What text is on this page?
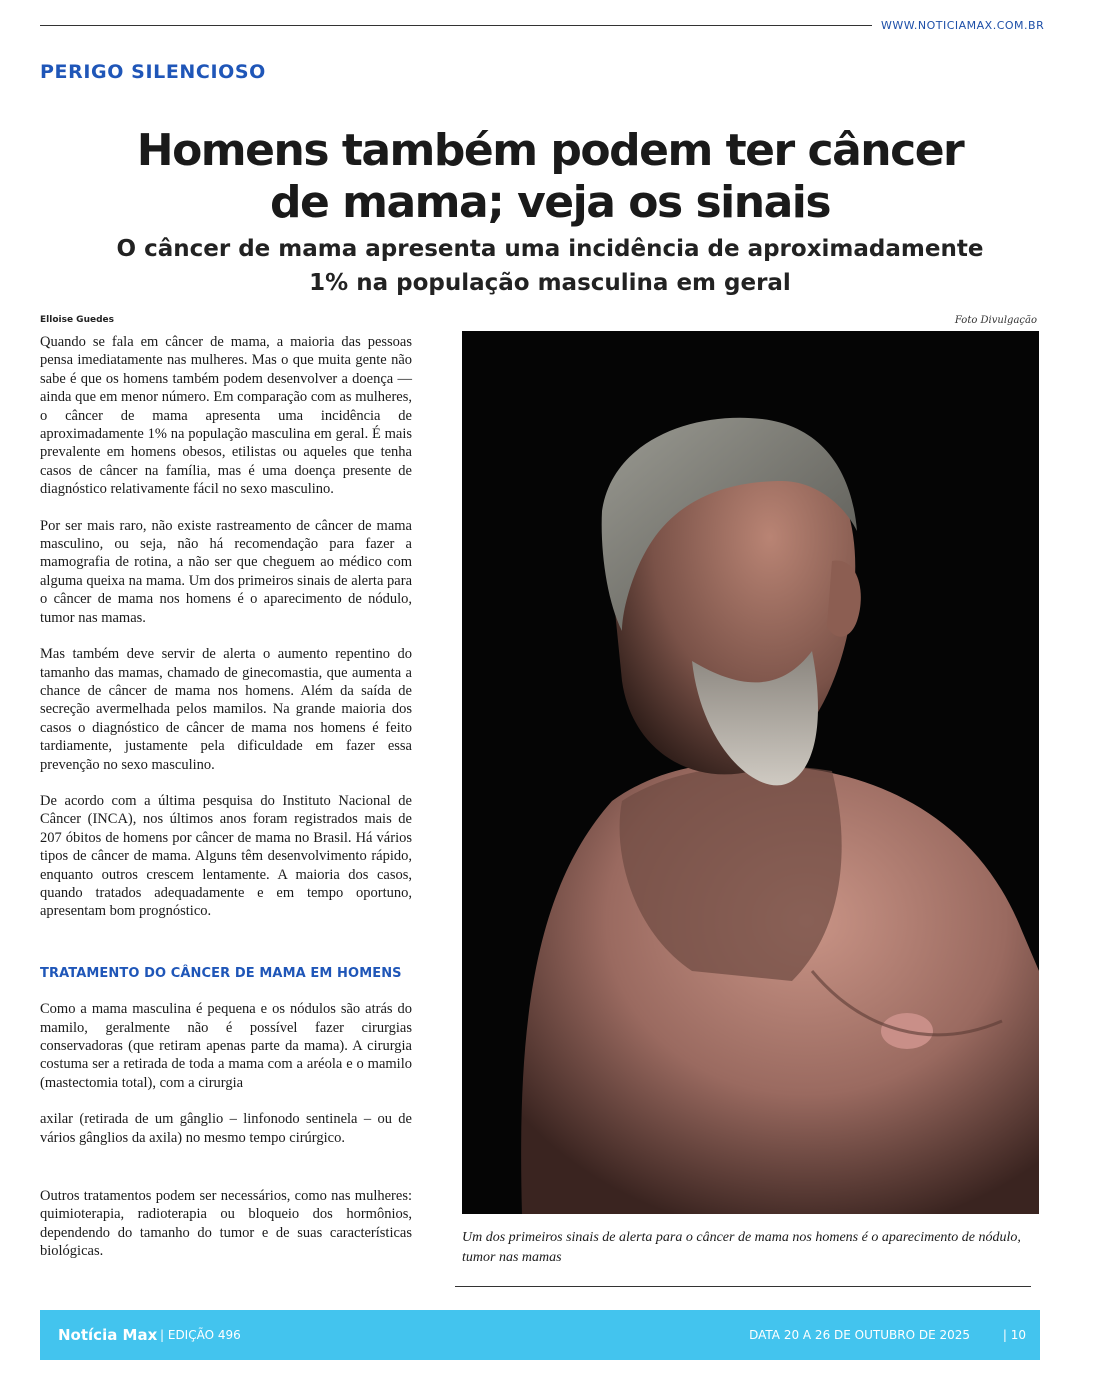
WWW.NOTICIAMAX.COM.BR
PERIGO SILENCIOSO
Homens também podem ter câncer
de mama; veja os sinais
O câncer de mama apresenta uma incidência de aproximadamente
1% na população masculina em geral
Elloise Guedes	Foto Divulgação

Quando se fala em câncer de mama, a maioria das pessoas pensa imediatamente nas mulheres. Mas o que muita gente não sabe é que os homens também podem desenvolver a doença — ainda que em menor número. Em comparação com as mulheres, o câncer de mama apresenta uma incidência de aproximadamente 1% na população masculina em geral. É mais prevalente em homens obesos, etilistas ou aqueles que tenha casos de câncer na família, mas é uma doença presente de diagnóstico relativamente fácil no sexo masculino.

Por ser mais raro, não existe rastreamento de câncer de mama masculino, ou seja, não há recomendação para fazer a mamografia de rotina, a não ser que cheguem ao médico com alguma queixa na mama. Um dos primeiros sinais de alerta para o câncer de mama nos homens é o aparecimento de nódulo, tumor nas mamas.

Mas também deve servir de alerta o aumento repentino do tamanho das mamas, chamado de ginecomastia, que aumenta a chance de câncer de mama nos homens. Além da saída de secreção avermelhada pelos mamilos. Na grande maioria dos casos o diagnóstico de câncer de mama nos homens é feito tardiamente, justamente pela dificuldade em fazer essa prevenção no sexo masculino.

De acordo com a última pesquisa do Instituto Nacional de Câncer (INCA), nos últimos anos foram registrados mais de 207 óbitos de homens por câncer de mama no Brasil. Há vários tipos de câncer de mama. Alguns têm desenvolvimento rápido, enquanto outros crescem lentamente. A maioria dos casos, quando tratados adequadamente e em tempo oportuno, apresentam bom prognóstico.

TRATAMENTO DO CÂNCER DE MAMA EM HOMENS

Como a mama masculina é pequena e os nódulos são atrás do mamilo, geralmente não é possível fazer cirurgias conservadoras (que retiram apenas parte da mama). A cirurgia costuma ser a retirada de toda a mama com a aréola e o mamilo (mastectomia total), com a cirurgia

axilar (retirada de um gânglio – linfonodo sentinela – ou de vários gânglios da axila) no mesmo tempo cirúrgico.

Outros tratamentos podem ser necessários, como nas mulheres: quimioterapia, radioterapia ou bloqueio dos hormônios, dependendo do tamanho do tumor e de suas características biológicas.

Um dos primeiros sinais de alerta para o câncer de mama nos homens é o aparecimento de nódulo, tumor nas mamas
Notícia Max | EDIÇÃO 496	DATA 20 A 26 DE OUTUBRO DE 2025	| 10
